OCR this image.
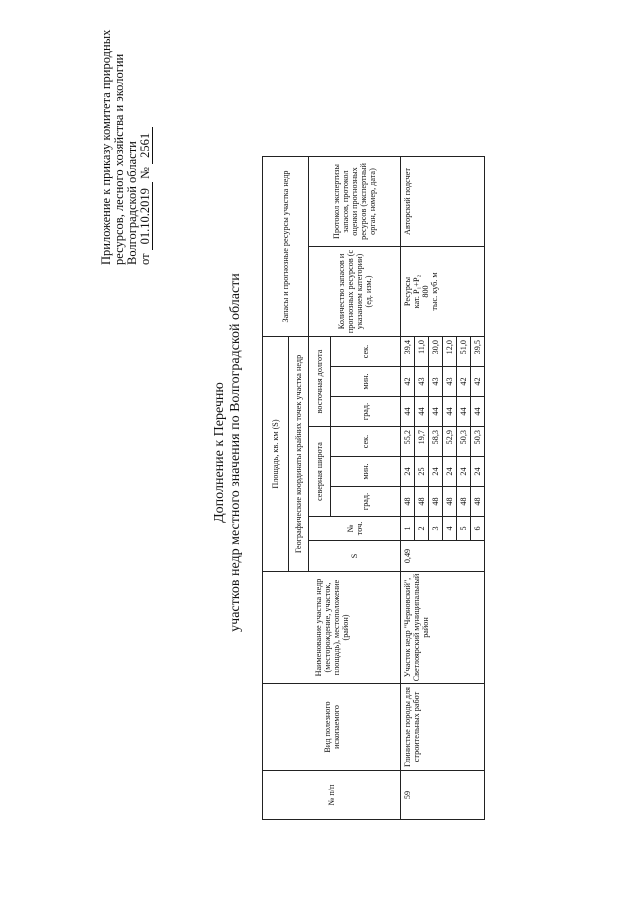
Приложение к приказу комитета природных ресурсов, лесного хозяйства и экологии Волгоградской области от 01.10.2019 № 2561
Дополнение к Перечню участков недр местного значения по Волгоградской области
№ п/п	Вид полезного ископаемого	Наименование участка недр (месторождение, участок, площадь), местоположение (район)	Площадь, кв. км (S)								Запасы и прогнозные ресурсы участка недр	
			Географические координаты крайних точек участка недр									
			S	№ точ.	северная широта			восточная долгота			Количество запасов и прогнозных ресурсов (с указанием категории) (ед. изм.)	Протокол экспертизы запасов, протокол оценки прогнозных ресурсов (экспертный орган, номер, дата)
					град.	мин.	сек.	град.	мин.	сек.		
59	Глинистые породы для строительных работ	Участок недр "Черновский", Светлоярский муниципальный район	0,49	1	48	24	55,2	44	42	39,4	Ресурсы кат. P₁+P₂ 800 тыс. куб. м	Авторский подсчет
				2	48	25	19,7	44	43	11,0		
				3	48	24	58,3	44	43	30,0		
				4	48	24	52,9	44	43	12,0		
				5	48	24	50,3	44	42	51,0		
				6	48	24	50,3	44	42	39,5		
